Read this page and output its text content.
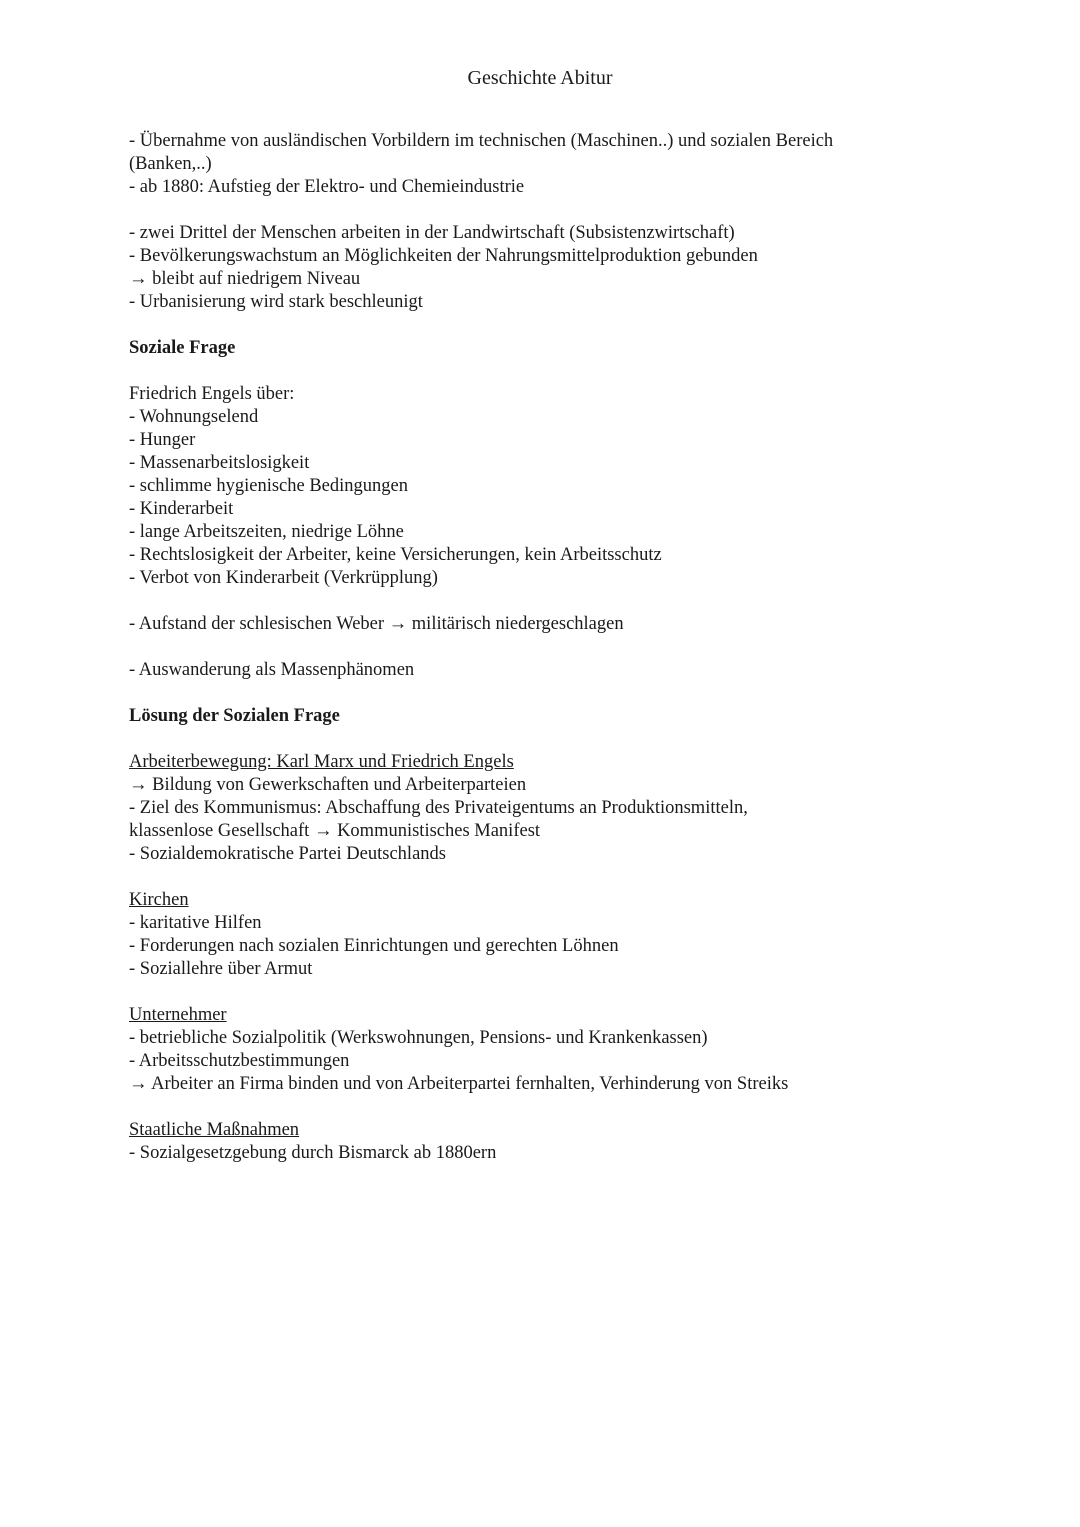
Geschichte Abitur
- Übernahme von ausländischen Vorbildern im technischen (Maschinen..) und sozialen Bereich
(Banken,..)
- ab 1880: Aufstieg der Elektro- und Chemieindustrie
- zwei Drittel der Menschen arbeiten in der Landwirtschaft (Subsistenzwirtschaft)
- Bevölkerungswachstum an Möglichkeiten der Nahrungsmittelproduktion gebunden
→ bleibt auf niedrigem Niveau
- Urbanisierung wird stark beschleunigt
Soziale Frage
Friedrich Engels über:
- Wohnungselend
- Hunger
- Massenarbeitslosigkeit
- schlimme hygienische Bedingungen
- Kinderarbeit
- lange Arbeitszeiten, niedrige Löhne
- Rechtslosigkeit der Arbeiter, keine Versicherungen, kein Arbeitsschutz
- Verbot von Kinderarbeit (Verkrüpplung)
- Aufstand der schlesischen Weber → militärisch niedergeschlagen
- Auswanderung als Massenphänomen
Lösung der Sozialen Frage
Arbeiterbewegung: Karl Marx und Friedrich Engels
→ Bildung von Gewerkschaften und Arbeiterparteien
- Ziel des Kommunismus: Abschaffung des Privateigentums an Produktionsmitteln,
klassenlose Gesellschaft → Kommunistisches Manifest
- Sozialdemokratische Partei Deutschlands
Kirchen
- karitative Hilfen
- Forderungen nach sozialen Einrichtungen und gerechten Löhnen
- Soziallehre über Armut
Unternehmer
- betriebliche Sozialpolitik (Werkswohnungen, Pensions- und Krankenkassen)
- Arbeitsschutzbestimmungen
→ Arbeiter an Firma binden und von Arbeiterpartei fernhalten, Verhinderung von Streiks
Staatliche Maßnahmen
- Sozialgesetzgebung durch Bismarck ab 1880ern
